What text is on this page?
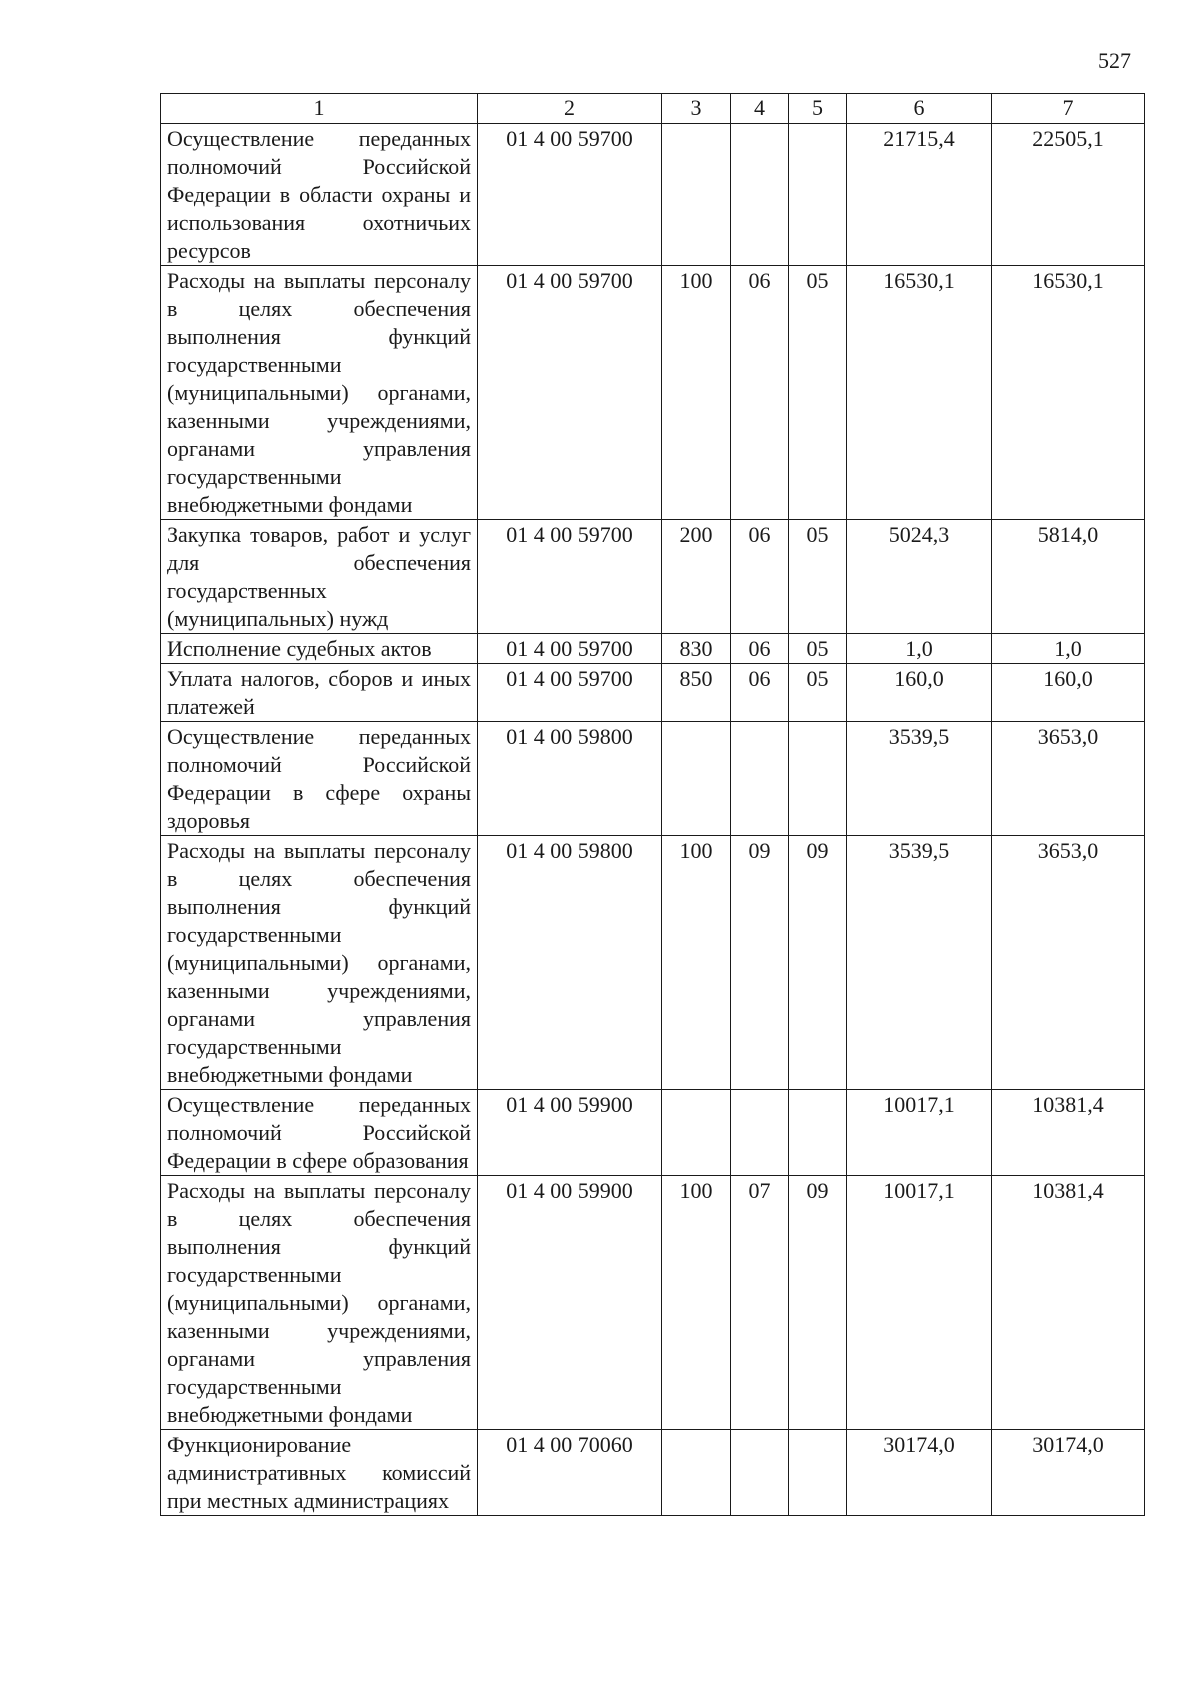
527
1	2	3	4	5	6	7
Осуществление переданных полномочий Российской Федерации в области охраны и использования охотничьих ресурсов	01 4 00 59700				21715,4	22505,1
Расходы на выплаты персоналу в целях обеспечения выполнения функций государственными (муниципальными) органами, казенными учреждениями, органами управления государственными внебюджетными фондами	01 4 00 59700	100	06	05	16530,1	16530,1
Закупка товаров, работ и услуг для обеспечения государственных (муниципальных) нужд	01 4 00 59700	200	06	05	5024,3	5814,0
Исполнение судебных актов	01 4 00 59700	830	06	05	1,0	1,0
Уплата налогов, сборов и иных платежей	01 4 00 59700	850	06	05	160,0	160,0
Осуществление переданных полномочий Российской Федерации в сфере охраны здоровья	01 4 00 59800				3539,5	3653,0
Расходы на выплаты персоналу в целях обеспечения выполнения функций государственными (муниципальными) органами, казенными учреждениями, органами управления государственными внебюджетными фондами	01 4 00 59800	100	09	09	3539,5	3653,0
Осуществление переданных полномочий Российской Федерации в сфере образования	01 4 00 59900				10017,1	10381,4
Расходы на выплаты персоналу в целях обеспечения выполнения функций государственными (муниципальными) органами, казенными учреждениями, органами управления государственными внебюджетными фондами	01 4 00 59900	100	07	09	10017,1	10381,4
Функционирование административных комиссий при местных администрациях	01 4 00 70060				30174,0	30174,0
